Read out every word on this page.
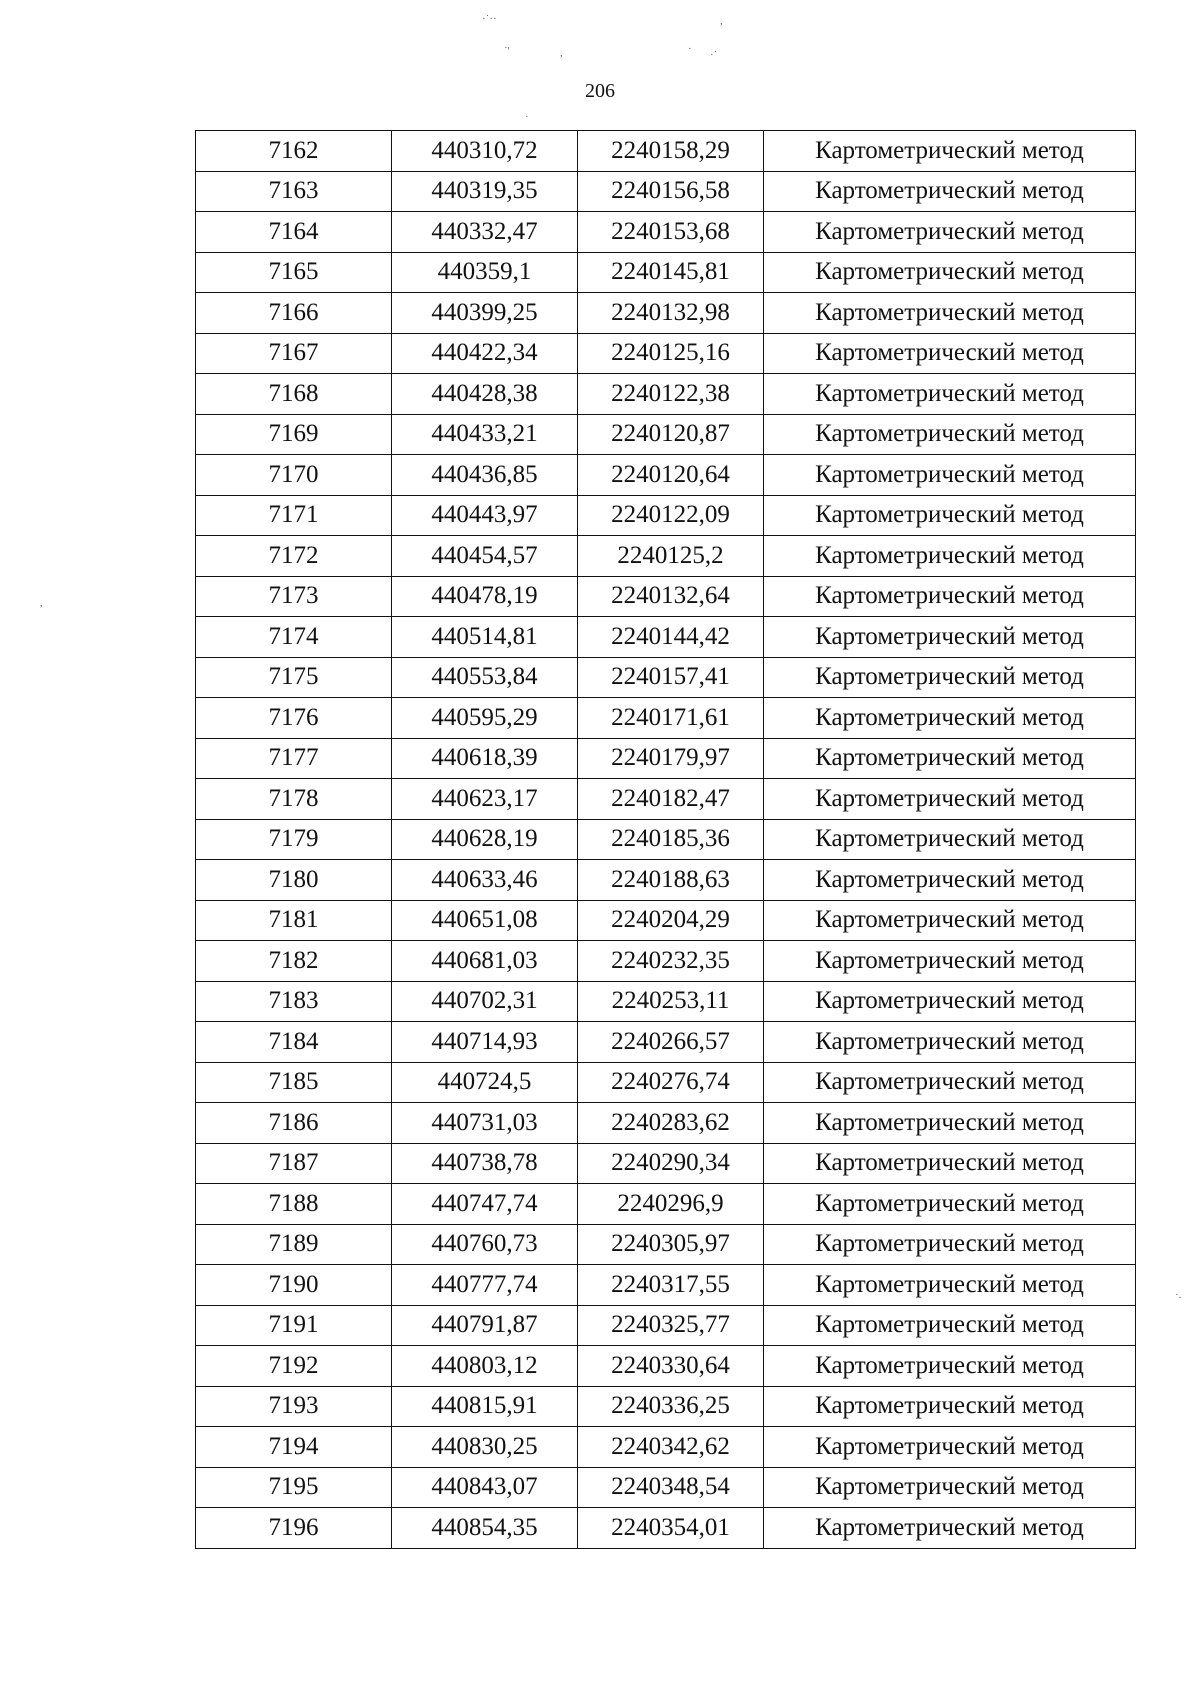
·˙··	,
˙'	,	· ·˙
·
,
·.
206
7162	440310,72	2240158,29	Картометрический метод
7163	440319,35	2240156,58	Картометрический метод
7164	440332,47	2240153,68	Картометрический метод
7165	440359,1	2240145,81	Картометрический метод
7166	440399,25	2240132,98	Картометрический метод
7167	440422,34	2240125,16	Картометрический метод
7168	440428,38	2240122,38	Картометрический метод
7169	440433,21	2240120,87	Картометрический метод
7170	440436,85	2240120,64	Картометрический метод
7171	440443,97	2240122,09	Картометрический метод
7172	440454,57	2240125,2	Картометрический метод
7173	440478,19	2240132,64	Картометрический метод
7174	440514,81	2240144,42	Картометрический метод
7175	440553,84	2240157,41	Картометрический метод
7176	440595,29	2240171,61	Картометрический метод
7177	440618,39	2240179,97	Картометрический метод
7178	440623,17	2240182,47	Картометрический метод
7179	440628,19	2240185,36	Картометрический метод
7180	440633,46	2240188,63	Картометрический метод
7181	440651,08	2240204,29	Картометрический метод
7182	440681,03	2240232,35	Картометрический метод
7183	440702,31	2240253,11	Картометрический метод
7184	440714,93	2240266,57	Картометрический метод
7185	440724,5	2240276,74	Картометрический метод
7186	440731,03	2240283,62	Картометрический метод
7187	440738,78	2240290,34	Картометрический метод
7188	440747,74	2240296,9	Картометрический метод
7189	440760,73	2240305,97	Картометрический метод
7190	440777,74	2240317,55	Картометрический метод
7191	440791,87	2240325,77	Картометрический метод
7192	440803,12	2240330,64	Картометрический метод
7193	440815,91	2240336,25	Картометрический метод
7194	440830,25	2240342,62	Картометрический метод
7195	440843,07	2240348,54	Картометрический метод
7196	440854,35	2240354,01	Картометрический метод
